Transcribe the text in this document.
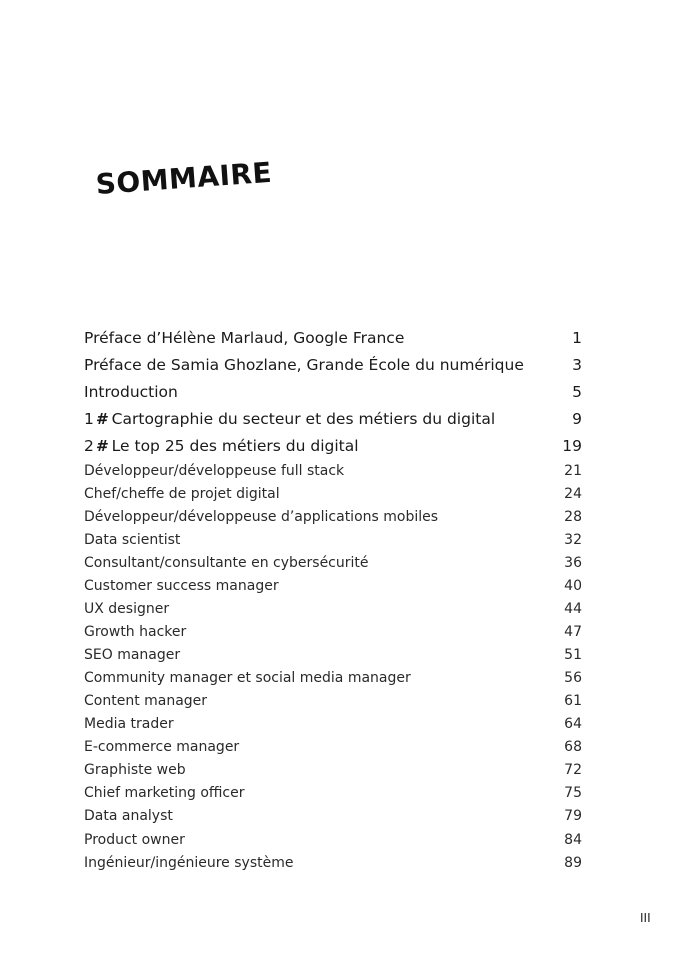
SOMMAIRE
Préface d’Hélène Marlaud, Google France	1
Préface de Samia Ghozlane, Grande École du numérique	3
Introduction	5
1 # Cartographie du secteur et des métiers du digital	9
2 # Le top 25 des métiers du digital	19
Développeur/développeuse full stack	21
Chef/cheffe de projet digital	24
Développeur/développeuse d’applications mobiles	28
Data scientist	32
Consultant/consultante en cybersécurité	36
Customer success manager	40
UX designer	44
Growth hacker	47
SEO manager	51
Community manager et social media manager	56
Content manager	61
Media trader	64
E-commerce manager	68
Graphiste web	72
Chief marketing officer	75
Data analyst	79
Product owner	84
Ingénieur/ingénieure système	89
III
